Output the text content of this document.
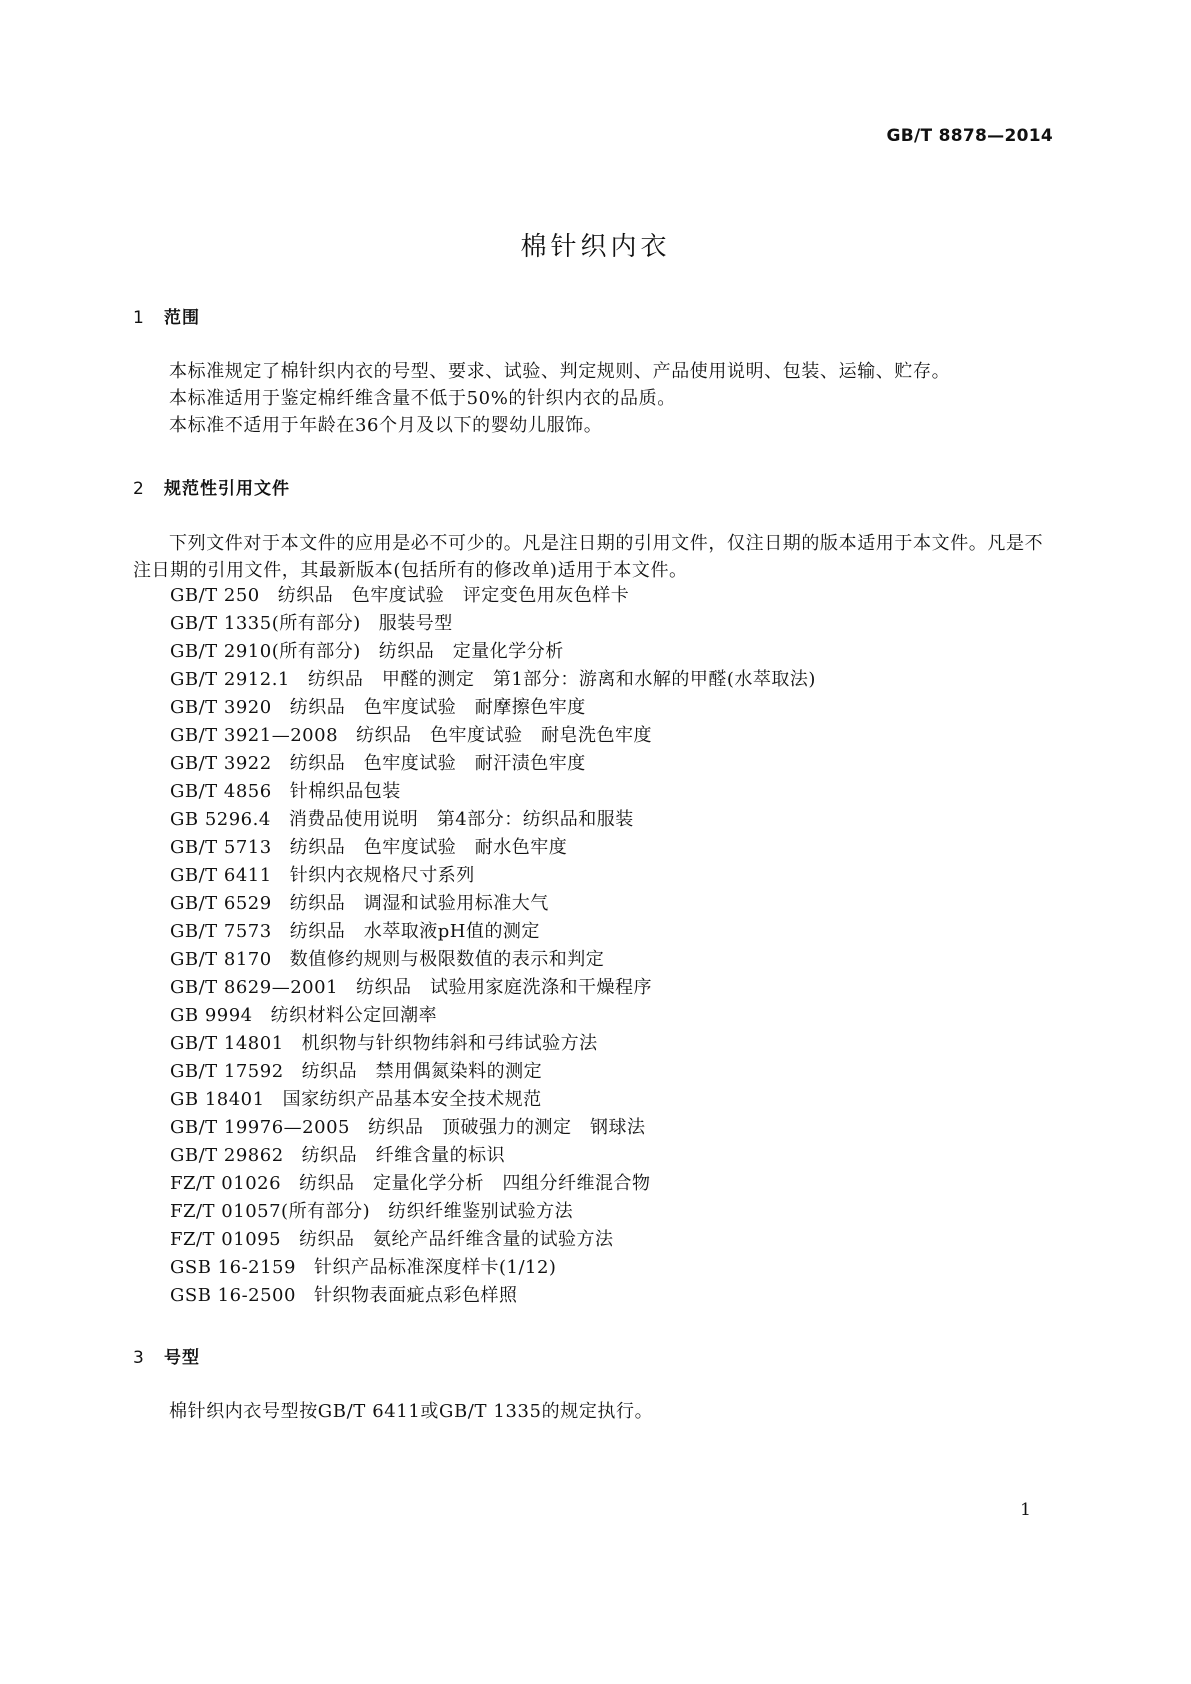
GB/T 8878—2014
棉针织内衣
1 范围

本标准规定了棉针织内衣的号型、要求、试验、判定规则、产品使用说明、包装、运输、贮存。

本标准适用于鉴定棉纤维含量不低于50%的针织内衣的品质。

本标准不适用于年龄在36个月及以下的婴幼儿服饰。

2 规范性引用文件

下列文件对于本文件的应用是必不可少的。凡是注日期的引用文件，仅注日期的版本适用于本文件。凡是不注日期的引用文件，其最新版本(包括所有的修改单)适用于本文件。

GB/T 250 纺织品　色牢度试验　评定变色用灰色样卡
GB/T 1335(所有部分) 服装号型
GB/T 2910(所有部分) 纺织品　定量化学分析
GB/T 2912.1 纺织品　甲醛的测定　第1部分：游离和水解的甲醛(水萃取法)
GB/T 3920 纺织品　色牢度试验　耐摩擦色牢度
GB/T 3921—2008 纺织品　色牢度试验　耐皂洗色牢度
GB/T 3922 纺织品　色牢度试验　耐汗渍色牢度
GB/T 4856 针棉织品包装
GB 5296.4 消费品使用说明　第4部分：纺织品和服装
GB/T 5713 纺织品　色牢度试验　耐水色牢度
GB/T 6411 针织内衣规格尺寸系列
GB/T 6529 纺织品　调湿和试验用标准大气
GB/T 7573 纺织品　水萃取液pH值的测定
GB/T 8170 数值修约规则与极限数值的表示和判定
GB/T 8629—2001 纺织品　试验用家庭洗涤和干燥程序
GB 9994 纺织材料公定回潮率
GB/T 14801 机织物与针织物纬斜和弓纬试验方法
GB/T 17592 纺织品　禁用偶氮染料的测定
GB 18401 国家纺织产品基本安全技术规范
GB/T 19976—2005 纺织品　顶破强力的测定　钢球法
GB/T 29862 纺织品　纤维含量的标识
FZ/T 01026 纺织品　定量化学分析　四组分纤维混合物
FZ/T 01057(所有部分) 纺织纤维鉴别试验方法
FZ/T 01095 纺织品　氨纶产品纤维含量的试验方法
GSB 16-2159 针织产品标准深度样卡(1/12)
GSB 16-2500 针织物表面疵点彩色样照
3 号型

棉针织内衣号型按GB/T 6411或GB/T 1335的规定执行。

1
